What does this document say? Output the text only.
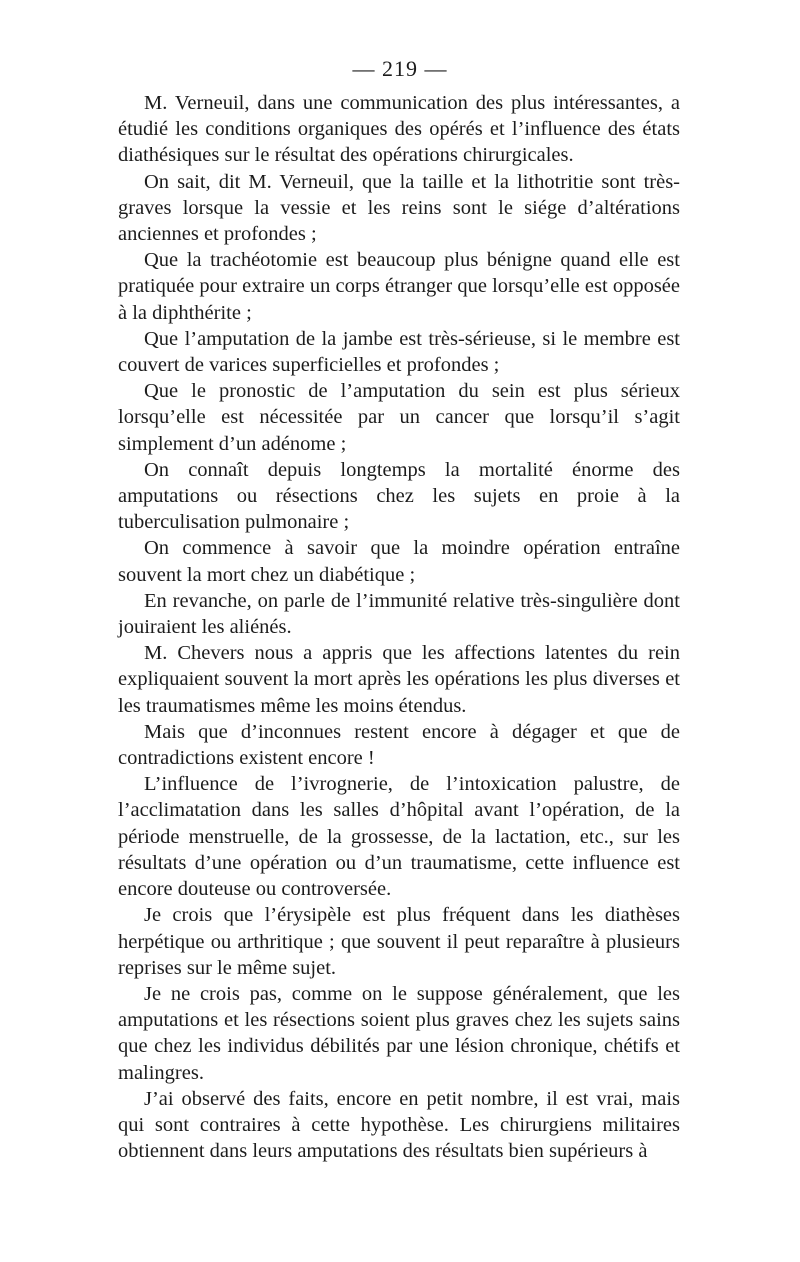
— 219 —

M. Verneuil, dans une communication des plus intéressantes, a étudié les conditions organiques des opérés et l’influence des états diathésiques sur le résultat des opérations chirurgicales.

On sait, dit M. Verneuil, que la taille et la lithotritie sont très-graves lorsque la vessie et les reins sont le siége d’altérations anciennes et profondes ;

Que la trachéotomie est beaucoup plus bénigne quand elle est pratiquée pour extraire un corps étranger que lorsqu’elle est opposée à la diphthérite ;

Que l’amputation de la jambe est très-sérieuse, si le membre est couvert de varices superficielles et profondes ;

Que le pronostic de l’amputation du sein est plus sérieux lorsqu’elle est nécessitée par un cancer que lorsqu’il s’agit simplement d’un adénome ;

On connaît depuis longtemps la mortalité énorme des amputations ou résections chez les sujets en proie à la tuberculisation pulmonaire ;

On commence à savoir que la moindre opération entraîne souvent la mort chez un diabétique ;

En revanche, on parle de l’immunité relative très-singulière dont jouiraient les aliénés.

M. Chevers nous a appris que les affections latentes du rein expliquaient souvent la mort après les opérations les plus diverses et les traumatismes même les moins étendus.

Mais que d’inconnues restent encore à dégager et que de contradictions existent encore !

L’influence de l’ivrognerie, de l’intoxication palustre, de l’acclimatation dans les salles d’hôpital avant l’opération, de la période menstruelle, de la grossesse, de la lactation, etc., sur les résultats d’une opération ou d’un traumatisme, cette influence est encore douteuse ou controversée.

Je crois que l’érysipèle est plus fréquent dans les diathèses herpétique ou arthritique ; que souvent il peut reparaître à plusieurs reprises sur le même sujet.

Je ne crois pas, comme on le suppose généralement, que les amputations et les résections soient plus graves chez les sujets sains que chez les individus débilités par une lésion chronique, chétifs et malingres.

J’ai observé des faits, encore en petit nombre, il est vrai, mais qui sont contraires à cette hypothèse. Les chirurgiens militaires obtiennent dans leurs amputations des résultats bien supérieurs à
